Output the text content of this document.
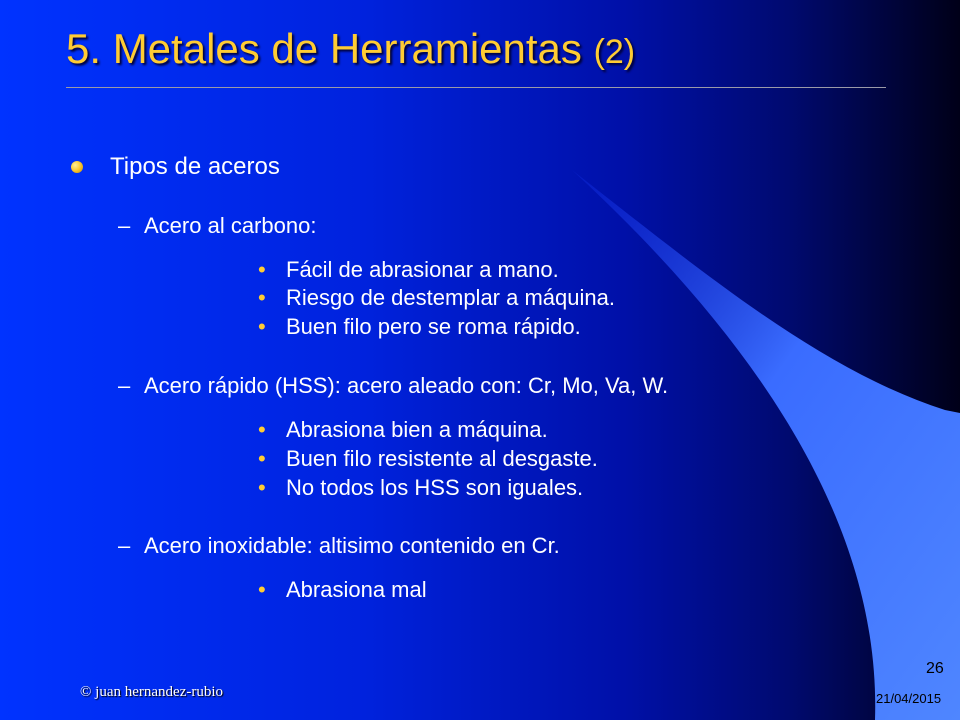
5. Metales de Herramientas (2)
Tipos de aceros
– Acero al carbono:
• Fácil de abrasionar a mano.
• Riesgo de destemplar a máquina.
• Buen filo pero se roma rápido.
– Acero rápido (HSS): acero aleado con: Cr, Mo, Va, W.
• Abrasiona bien a máquina.
• Buen filo resistente al desgaste.
• No todos los HSS son iguales.
– Acero inoxidable: altisimo contenido en Cr.
• Abrasiona mal
© juan hernandez-rubio
26
21/04/2015
